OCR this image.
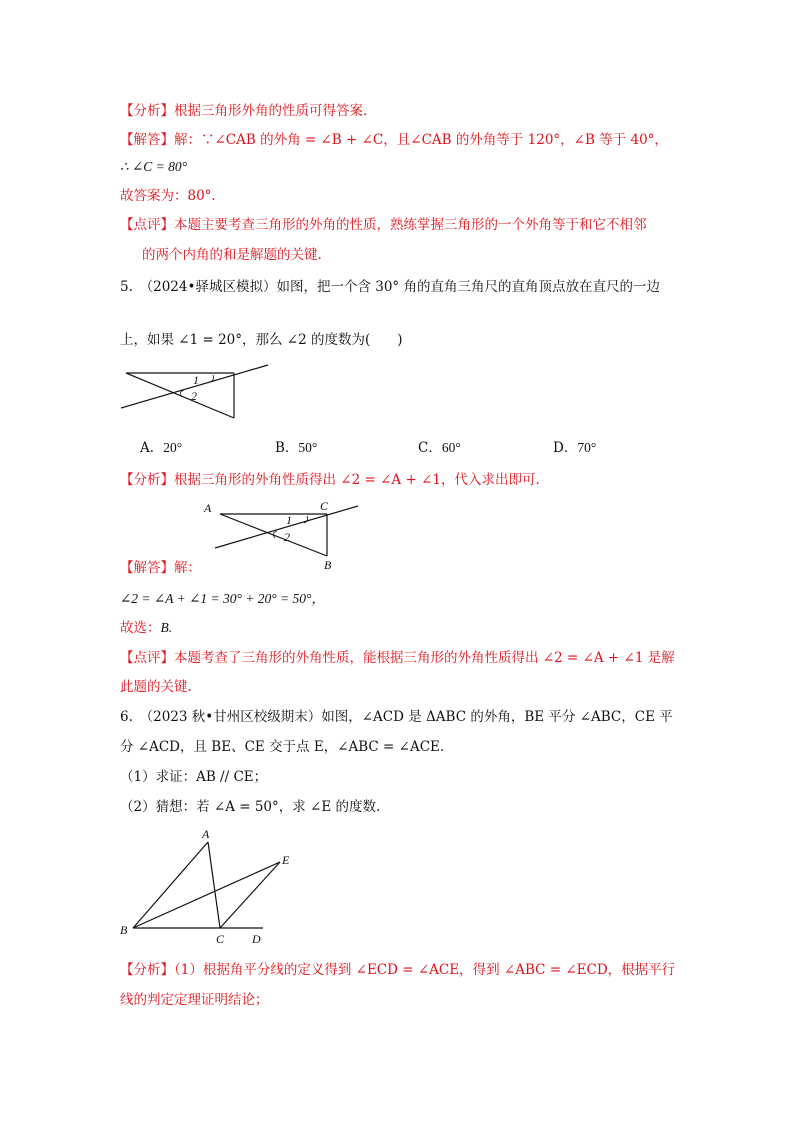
【分析】根据三角形外角的性质可得答案.
【解答】解：∵∠CAB 的外角 = ∠B + ∠C，且∠CAB 的外角等于 120°，∠B 等于 40°，
∴ ∠C = 80°
故答案为：80°.
【点评】本题主要考查三角形的外角的性质，熟练掌握三角形的一个外角等于和它不相邻
的两个内角的和是解题的关键.
5.　（2024•驿城区模拟）如图，把一个含 30° 角的直角三角尺的直角顶点放在直尺的一边
上，如果 ∠1 = 20°，那么 ∠2 的度数为(　　)
1
2
A．20°	B．50°	C．60°	D．70°
【分析】根据三角形的外角性质得出 ∠2 = ∠A + ∠1，代入求出即可.
A	C
B
1
2
【解答】解：
∠2 = ∠A + ∠1 = 30° + 20° = 50°，
故选：B.
【点评】本题考查了三角形的外角性质，能根据三角形的外角性质得出 ∠2 = ∠A + ∠1 是解
此题的关键.
6.　（2023 秋•甘州区校级期末）如图，∠ACD 是 ΔABC 的外角，BE 平分 ∠ABC，CE 平
分 ∠ACD，且 BE、CE 交于点 E，∠ABC = ∠ACE.
（1）求证：AB // CE；
（2）猜想：若 ∠A = 50°，求 ∠E 的度数.
A
B
C D
E
【分析】（1）根据角平分线的定义得到 ∠ECD = ∠ACE，得到 ∠ABC = ∠ECD，根据平行
线的判定定理证明结论；
